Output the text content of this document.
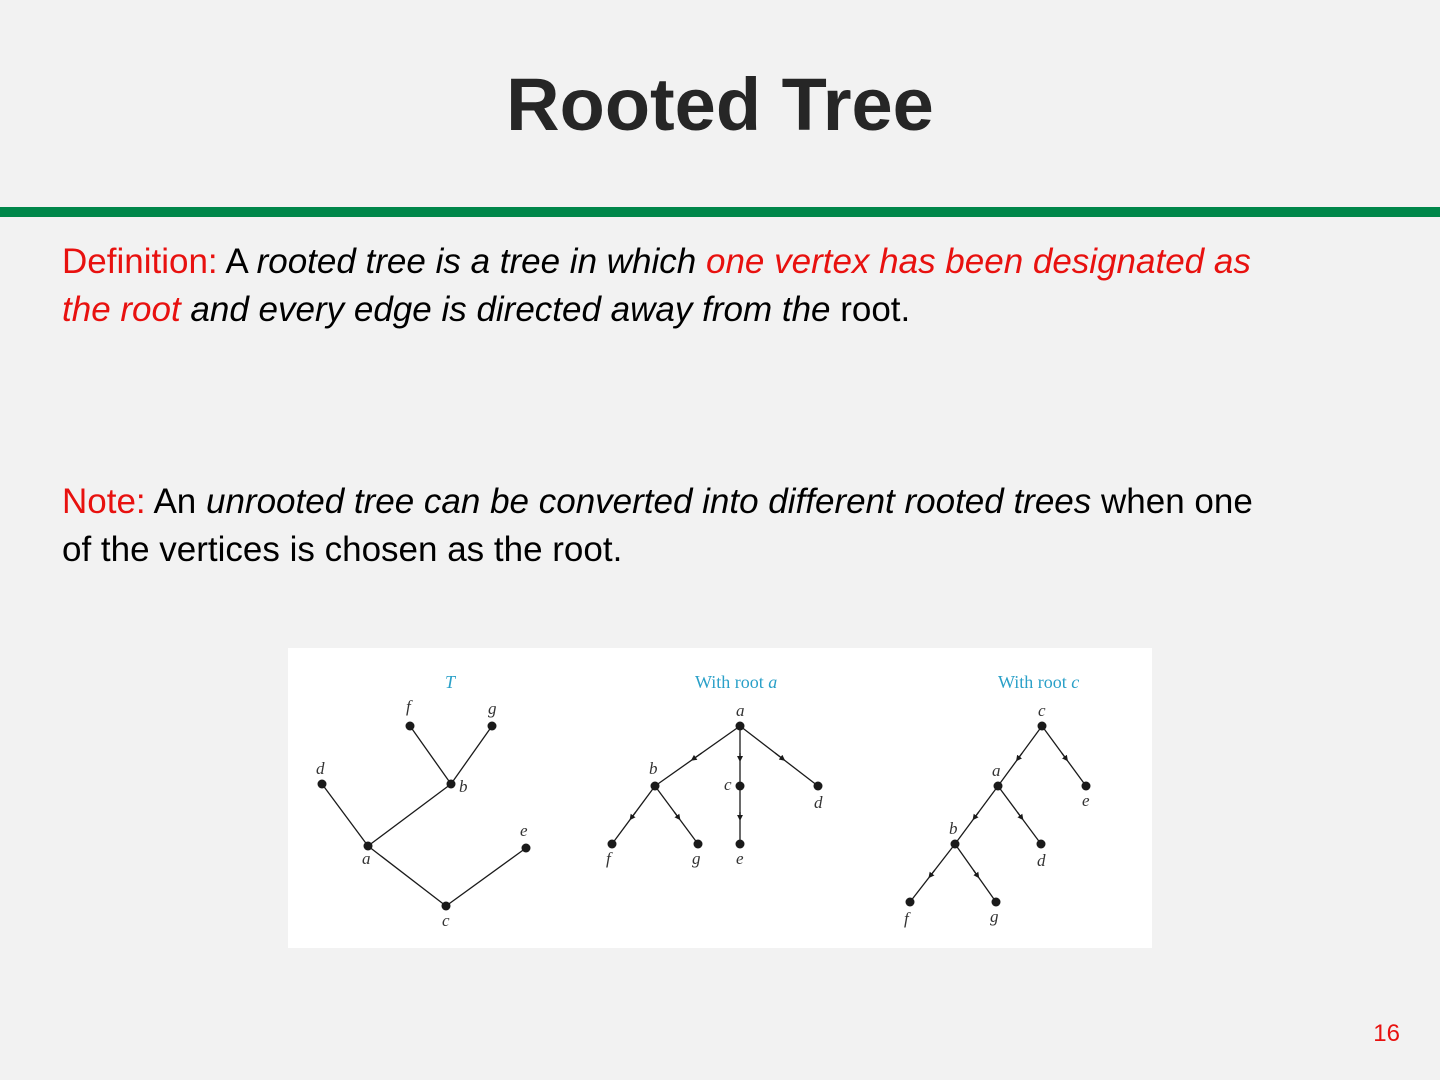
Rooted Tree
Definition: A rooted tree is a tree in which one vertex has been designated as the root and every edge is directed away from the root.
Note: An unrooted tree can be converted into different rooted trees when one of the vertices is chosen as the root.
T	With root a	With root c
f	g
d
b
a
e
c
a
b
c
d
f	g e
c
a
e
b
d
f	g
16
